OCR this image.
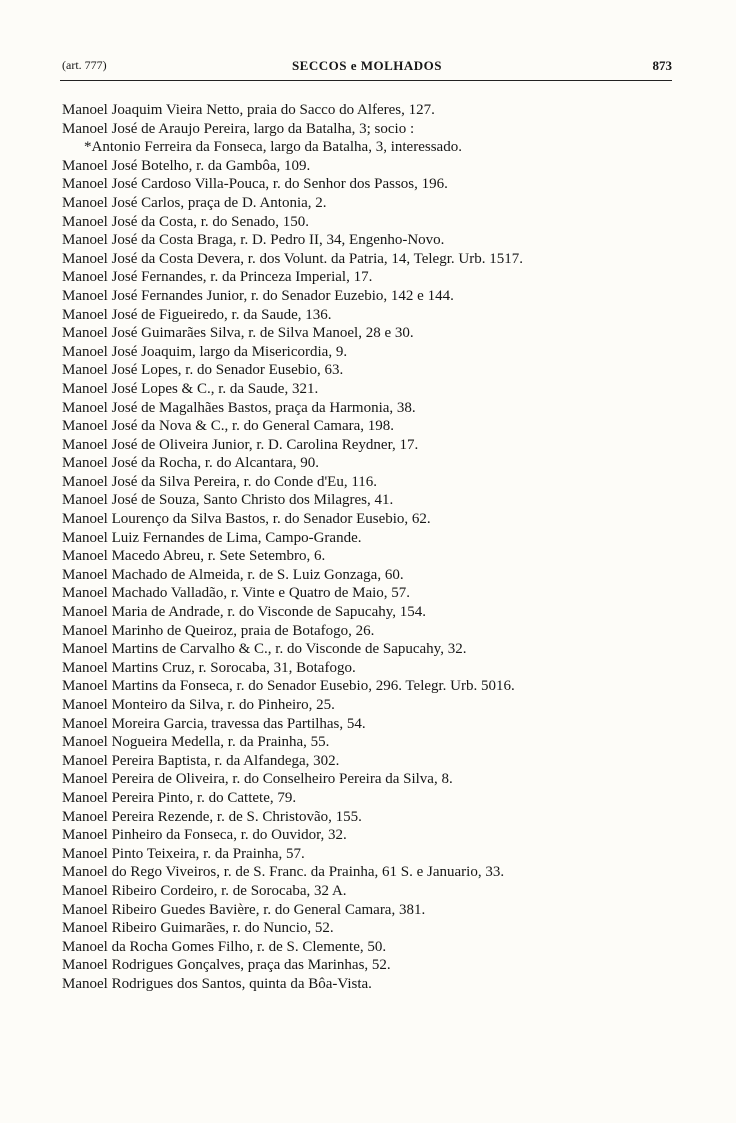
(art. 777)	SECCOS e MOLHADOS	873
Manoel Joaquim Vieira Netto, praia do Sacco do Alferes, 127.
Manoel José de Araujo Pereira, largo da Batalha, 3; socio :
*Antonio Ferreira da Fonseca, largo da Batalha, 3, interessado.
Manoel José Botelho, r. da Gambôa, 109.
Manoel José Cardoso Villa-Pouca, r. do Senhor dos Passos, 196.
Manoel José Carlos, praça de D. Antonia, 2.
Manoel José da Costa, r. do Senado, 150.
Manoel José da Costa Braga, r. D. Pedro II, 34, Engenho-Novo.
Manoel José da Costa Devera, r. dos Volunt. da Patria, 14, Telegr. Urb. 1517.
Manoel José Fernandes, r. da Princeza Imperial, 17.
Manoel José Fernandes Junior, r. do Senador Euzebio, 142 e 144.
Manoel José de Figueiredo, r. da Saude, 136.
Manoel José Guimarães Silva, r. de Silva Manoel, 28 e 30.
Manoel José Joaquim, largo da Misericordia, 9.
Manoel José Lopes, r. do Senador Eusebio, 63.
Manoel José Lopes & C., r. da Saude, 321.
Manoel José de Magalhães Bastos, praça da Harmonia, 38.
Manoel José da Nova & C., r. do General Camara, 198.
Manoel José de Oliveira Junior, r. D. Carolina Reydner, 17.
Manoel José da Rocha, r. do Alcantara, 90.
Manoel José da Silva Pereira, r. do Conde d'Eu, 116.
Manoel José de Souza, Santo Christo dos Milagres, 41.
Manoel Lourenço da Silva Bastos, r. do Senador Eusebio, 62.
Manoel Luiz Fernandes de Lima, Campo-Grande.
Manoel Macedo Abreu, r. Sete Setembro, 6.
Manoel Machado de Almeida, r. de S. Luiz Gonzaga, 60.
Manoel Machado Valladão, r. Vinte e Quatro de Maio, 57.
Manoel Maria de Andrade, r. do Visconde de Sapucahy, 154.
Manoel Marinho de Queiroz, praia de Botafogo, 26.
Manoel Martins de Carvalho & C., r. do Visconde de Sapucahy, 32.
Manoel Martins Cruz, r. Sorocaba, 31, Botafogo.
Manoel Martins da Fonseca, r. do Senador Eusebio, 296. Telegr. Urb. 5016.
Manoel Monteiro da Silva, r. do Pinheiro, 25.
Manoel Moreira Garcia, travessa das Partilhas, 54.
Manoel Nogueira Medella, r. da Prainha, 55.
Manoel Pereira Baptista, r. da Alfandega, 302.
Manoel Pereira de Oliveira, r. do Conselheiro Pereira da Silva, 8.
Manoel Pereira Pinto, r. do Cattete, 79.
Manoel Pereira Rezende, r. de S. Christovão, 155.
Manoel Pinheiro da Fonseca, r. do Ouvidor, 32.
Manoel Pinto Teixeira, r. da Prainha, 57.
Manoel do Rego Viveiros, r. de S. Franc. da Prainha, 61 S. e Januario, 33.
Manoel Ribeiro Cordeiro, r. de Sorocaba, 32 A.
Manoel Ribeiro Guedes Bavière, r. do General Camara, 381.
Manoel Ribeiro Guimarães, r. do Nuncio, 52.
Manoel da Rocha Gomes Filho, r. de S. Clemente, 50.
Manoel Rodrigues Gonçalves, praça das Marinhas, 52.
Manoel Rodrigues dos Santos, quinta da Bôa-Vista.
